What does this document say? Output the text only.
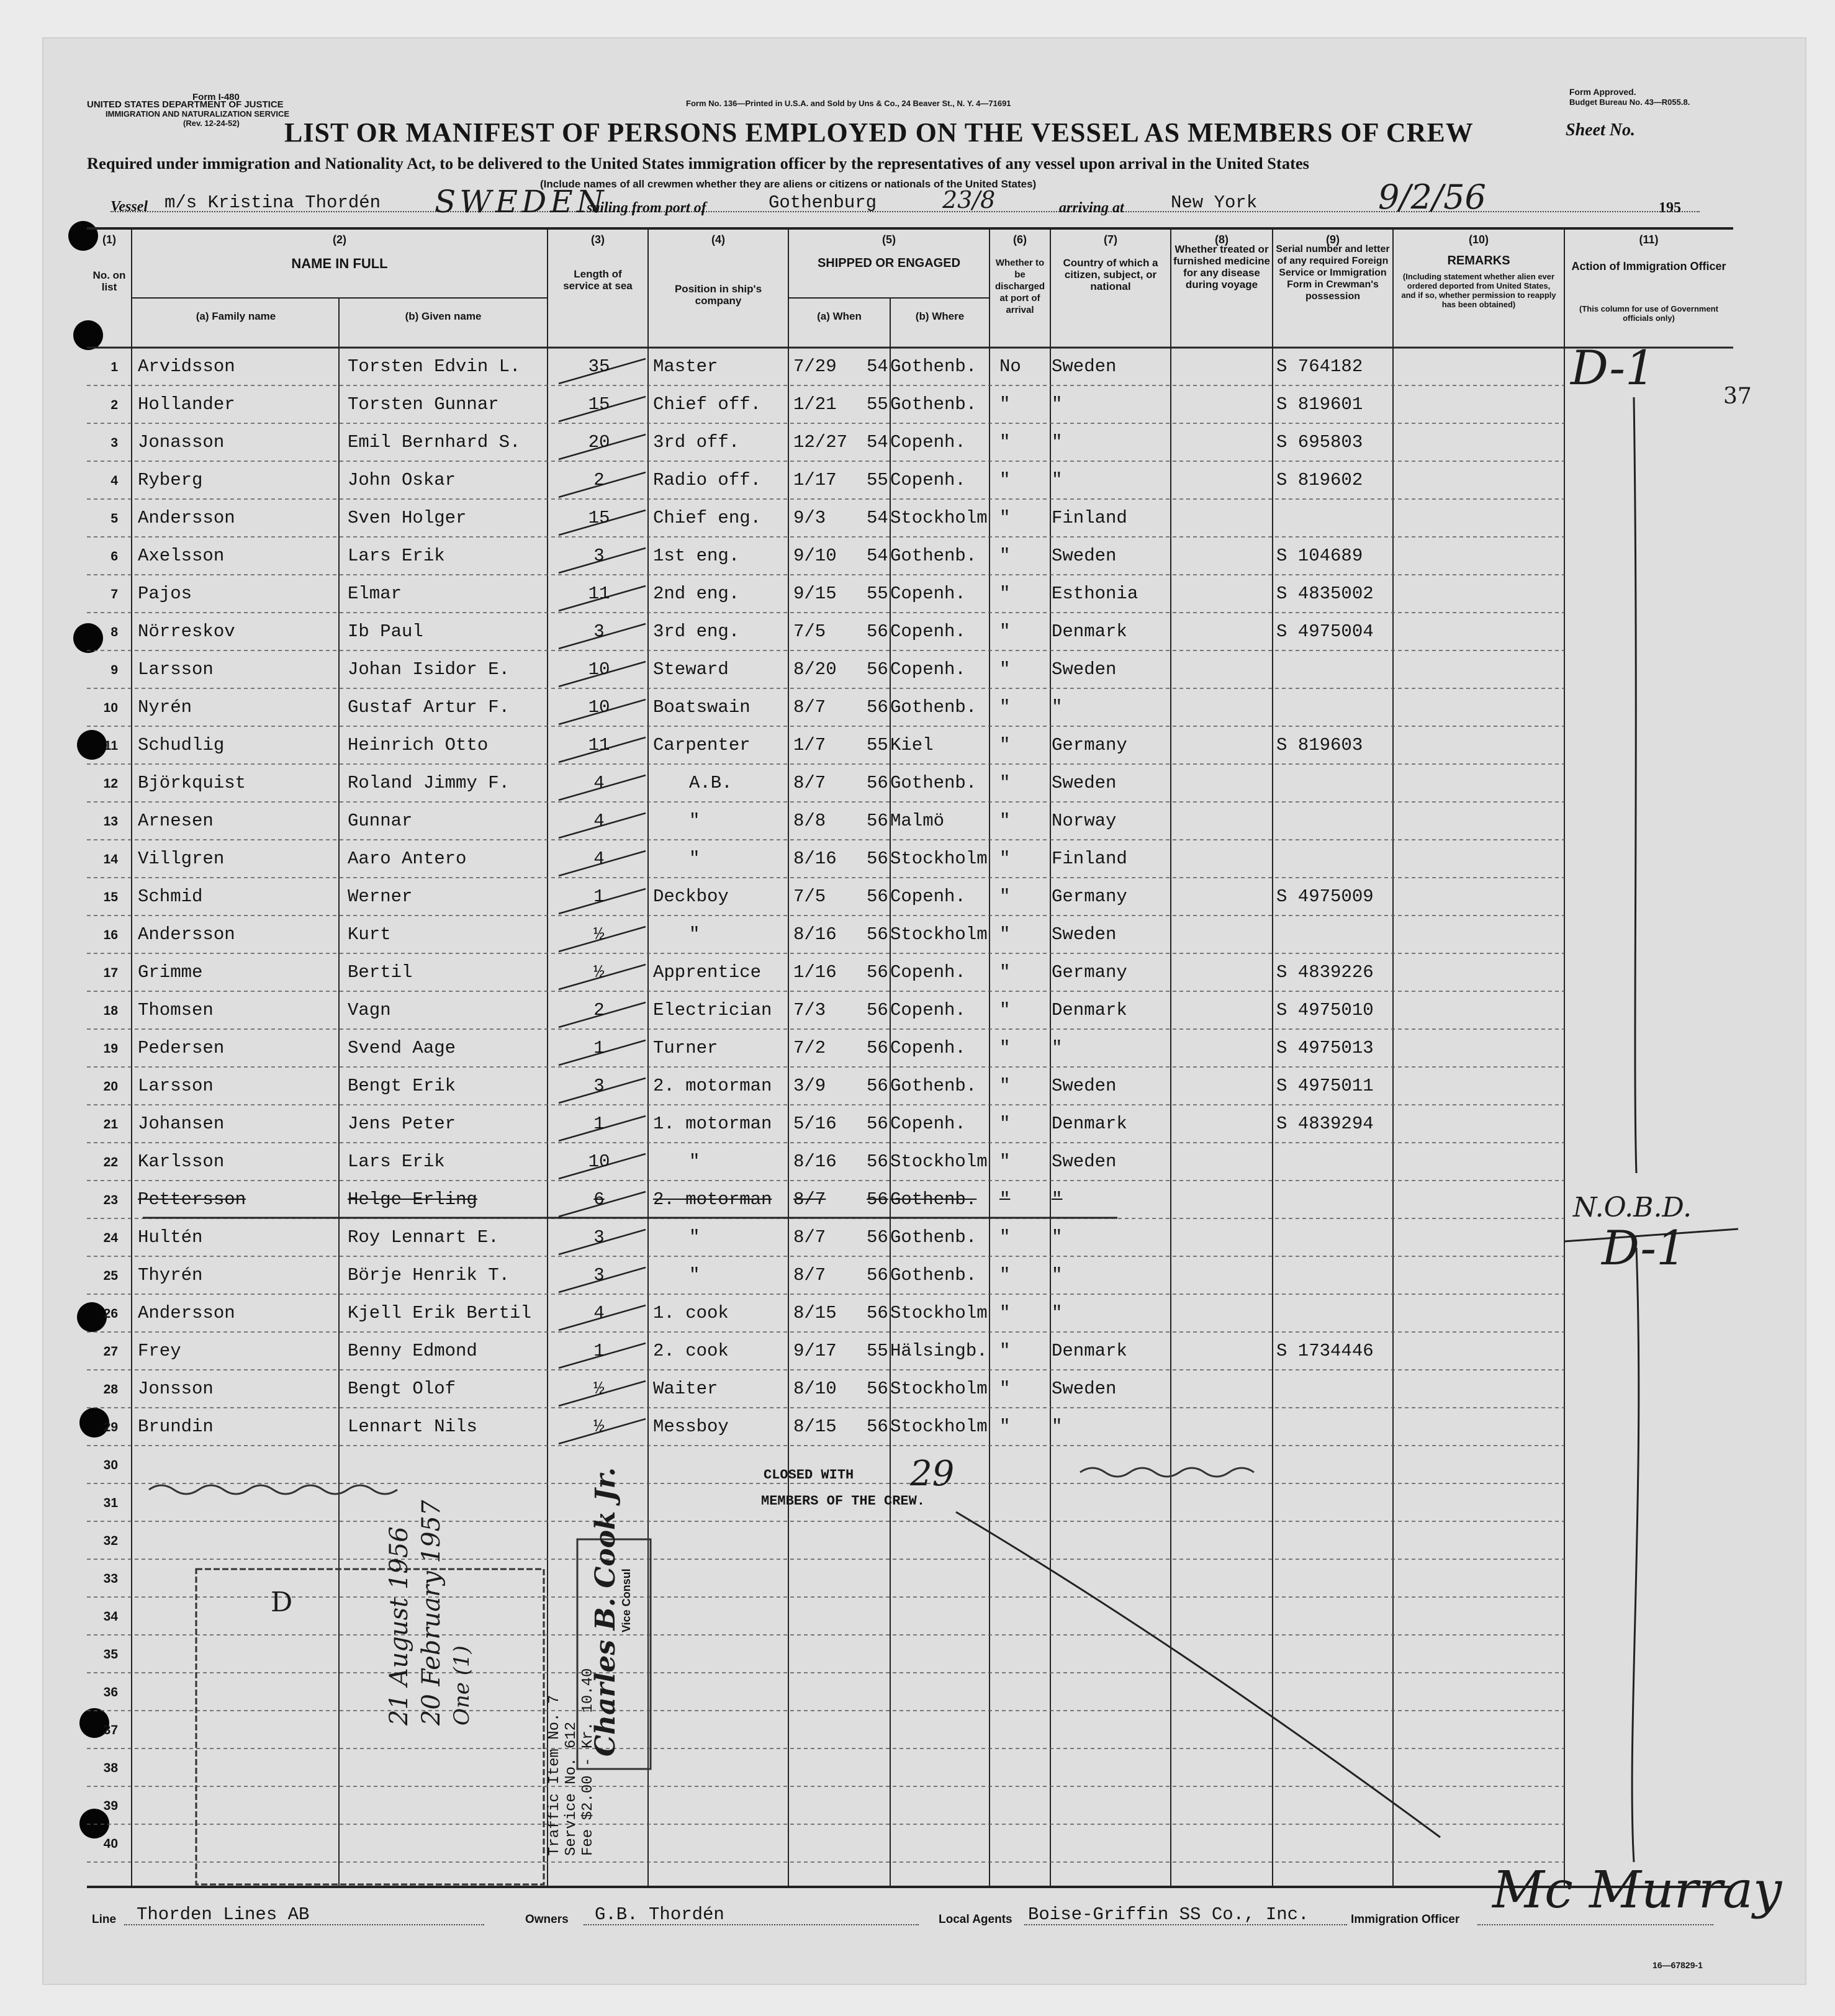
Form I-480
UNITED STATES DEPARTMENT OF JUSTICE
IMMIGRATION AND NATURALIZATION SERVICE
(Rev. 12-24-52)
Form No. 136—Printed in U.S.A. and Sold by Uns & Co., 24 Beaver St., N. Y. 4—71691
Form Approved.
Budget Bureau No. 43—R055.8.
Sheet No.
LIST OR MANIFEST OF PERSONS EMPLOYED ON THE VESSEL AS MEMBERS OF CREW
Required under immigration and Nationality Act, to be delivered to the United States immigration officer by the representatives of any vessel upon arrival in the United States
(Include names of all crewmen whether they are aliens or citizens or nationals of the United States)
Vessel m/s Kristina Thordén SWEDEN
sailing from port of	Gothenburg	23/8	arriving at	New York	9/2/56	195
(1)	(2)	(3)	(4)	(5)	(6)	(7)	(8)	(9)	(10)	(11)
No. on list
NAME IN FULL
(a) Family name	(b) Given name
Length of service at sea	Position in ship's company
SHIPPED OR ENGAGED
(a) When	(b) Where
Whether to be discharged at port of arrival
Country of which a citizen, subject, or national
Whether treated or furnished medicine for any disease during voyage
Serial number and letter of any required Foreign Service or Immigration Form in Crewman's possession
REMARKS
(Including statement whether alien ever ordered deported from United States, and if so, whether permission to reapply has been obtained)
Action of Immigration Officer
(This column for use of Government officials only)
1 Arvidsson	Torsten Edvin L.	35	Master	7/29 54 Gothenb. No Sweden	S 764182
2 Hollander	Torsten Gunnar	15	Chief off. 1/21 55 Gothenb. " "	S 819601
3 Jonasson	Emil Bernhard S.	20	3rd off.	12/27 54 Copenh. " "	S 695803
4 Ryberg	John Oskar	2	Radio off. 1/17 55 Copenh. " "	S 819602
5 Andersson	Sven Holger	15	Chief eng. 9/3 54 Stockholm " Finland
6 Axelsson	Lars Erik	3	1st eng.	9/10 54 Gothenb. " Sweden	S 104689
7 Pajos	Elmar	11	2nd eng.	9/15 55 Copenh. " Esthonia	S 4835002
8 Nörreskov	Ib Paul	3	3rd eng.	7/5 56 Copenh. " Denmark	S 4975004
9 Larsson	Johan Isidor E.	10	Steward	8/20 56 Copenh. " Sweden
10 Nyrén	Gustaf Artur F.	10	Boatswain 8/7 56 Gothenb. " "
11 Schudlig	Heinrich Otto	11	Carpenter 1/7 55 Kiel	" Germany	S 819603
12 Björkquist	Roland Jimmy F.	4	A.B.	8/7 56 Gothenb. " Sweden
13 Arnesen	Gunnar	4	"	8/8 56 Malmö	" Norway
14 Villgren	Aaro Antero	4	"	8/16 56 Stockholm " Finland
15 Schmid	Werner	1	Deckboy	7/5 56 Copenh. " Germany	S 4975009
16 Andersson	Kurt	½	"	8/16 56 Stockholm " Sweden
17 Grimme	Bertil	½	Apprentice 1/16 56 Copenh. " Germany	S 4839226
18 Thomsen	Vagn	2	Electrician 7/3 56 Copenh. " Denmark	S 4975010
19 Pedersen	Svend Aage	1	Turner	7/2 56 Copenh. " "	S 4975013
20 Larsson	Bengt Erik	3	2. motorman 3/9 56 Gothenb. " Sweden	S 4975011
21 Johansen	Jens Peter	1	1. motorman 5/16 56 Copenh. " Denmark	S 4839294
22 Karlsson	Lars Erik	10	"	8/16 56 Stockholm " Sweden
23 Pettersson	Helge Erling	6	2. motorman 8/7 56 Gothenb. " "
24 Hultén	Roy Lennart E.	3	"	8/7 56 Gothenb. " "
25 Thyrén	Börje Henrik T.	3	"	8/7 56 Gothenb. " "
26 Andersson	Kjell Erik Bertil	4	1. cook	8/15 56 Stockholm " "
27 Frey	Benny Edmond	1	2. cook	9/17 55 Hälsingb. " Denmark	S 1734446
28 Jonsson	Bengt Olof	½	Waiter	8/10 56 Stockholm " Sweden
29 Brundin	Lennart Nils	½	Messboy	8/15 56 Stockholm " "
30
31
32
33
34
35
36
37
38
39
40
CLOSED WITH 29
MEMBERS OF THE CREW.
D-1
37
N.O.B.D.
D-1
D	21 August 1956 20 February 1957 One (1)
Traffic Item No. 7 Service No. 612 Fee $2.00 - Kr. 10.40
Charles B. Cook Jr.
Vice Consul
Line Thorden Lines AB	Owners G.B. Thordén	Local Agents Boise-Griffin SS Co., Inc.	Immigration Officer Mc Murray
16—67829-1
